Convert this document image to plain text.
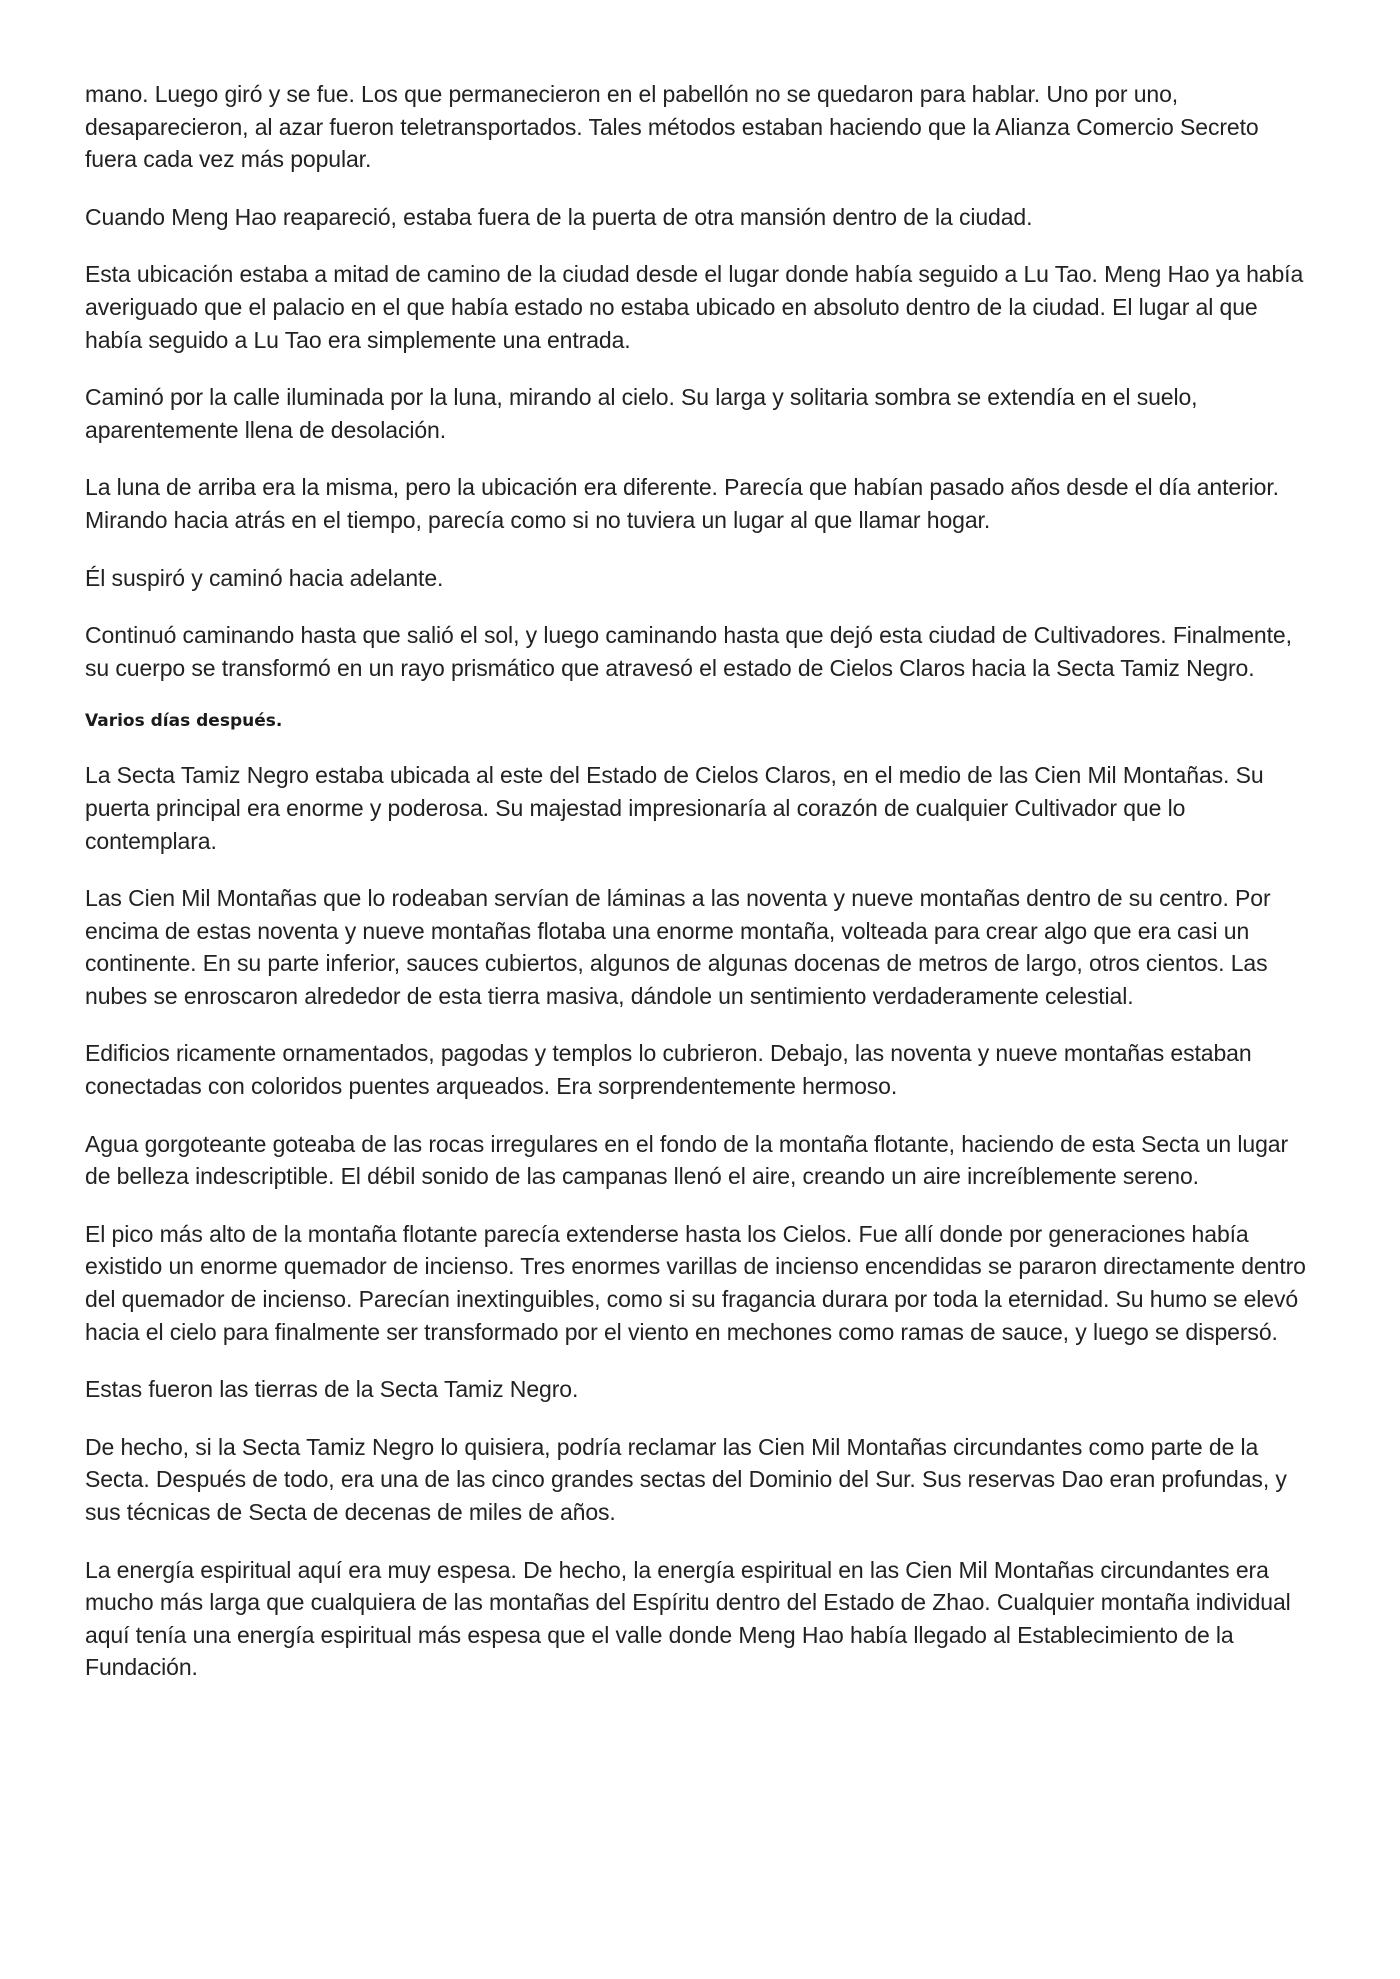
mano. Luego giró y se fue. Los que permanecieron en el pabellón no se quedaron para hablar. Uno por uno, desaparecieron, al azar fueron teletransportados. Tales métodos estaban haciendo que la Alianza Comercio Secreto fuera cada vez más popular.

Cuando Meng Hao reapareció, estaba fuera de la puerta de otra mansión dentro de la ciudad.

Esta ubicación estaba a mitad de camino de la ciudad desde el lugar donde había seguido a Lu Tao. Meng Hao ya había averiguado que el palacio en el que había estado no estaba ubicado en absoluto dentro de la ciudad. El lugar al que había seguido a Lu Tao era simplemente una entrada.

Caminó por la calle iluminada por la luna, mirando al cielo. Su larga y solitaria sombra se extendía en el suelo, aparentemente llena de desolación.

La luna de arriba era la misma, pero la ubicación era diferente. Parecía que habían pasado años desde el día anterior. Mirando hacia atrás en el tiempo, parecía como si no tuviera un lugar al que llamar hogar.

Él suspiró y caminó hacia adelante.

Continuó caminando hasta que salió el sol, y luego caminando hasta que dejó esta ciudad de Cultivadores. Finalmente, su cuerpo se transformó en un rayo prismático que atravesó el estado de Cielos Claros hacia la Secta Tamiz Negro.

Varios días después.

La Secta Tamiz Negro estaba ubicada al este del Estado de Cielos Claros, en el medio de las Cien Mil Montañas. Su puerta principal era enorme y poderosa. Su majestad impresionaría al corazón de cualquier Cultivador que lo contemplara.

Las Cien Mil Montañas que lo rodeaban servían de láminas a las noventa y nueve montañas dentro de su centro. Por encima de estas noventa y nueve montañas flotaba una enorme montaña, volteada para crear algo que era casi un continente. En su parte inferior, sauces cubiertos, algunos de algunas docenas de metros de largo, otros cientos. Las nubes se enroscaron alrededor de esta tierra masiva, dándole un sentimiento verdaderamente celestial.

Edificios ricamente ornamentados, pagodas y templos lo cubrieron. Debajo, las noventa y nueve montañas estaban conectadas con coloridos puentes arqueados. Era sorprendentemente hermoso.

Agua gorgoteante goteaba de las rocas irregulares en el fondo de la montaña flotante, haciendo de esta Secta un lugar de belleza indescriptible. El débil sonido de las campanas llenó el aire, creando un aire increíblemente sereno.

El pico más alto de la montaña flotante parecía extenderse hasta los Cielos. Fue allí donde por generaciones había existido un enorme quemador de incienso. Tres enormes varillas de incienso encendidas se pararon directamente dentro del quemador de incienso. Parecían inextinguibles, como si su fragancia durara por toda la eternidad. Su humo se elevó hacia el cielo para finalmente ser transformado por el viento en mechones como ramas de sauce, y luego se dispersó.

Estas fueron las tierras de la Secta Tamiz Negro.

De hecho, si la Secta Tamiz Negro lo quisiera, podría reclamar las Cien Mil Montañas circundantes como parte de la Secta. Después de todo, era una de las cinco grandes sectas del Dominio del Sur. Sus reservas Dao eran profundas, y sus técnicas de Secta de decenas de miles de años.

La energía espiritual aquí era muy espesa. De hecho, la energía espiritual en las Cien Mil Montañas circundantes era mucho más larga que cualquiera de las montañas del Espíritu dentro del Estado de Zhao. Cualquier montaña individual aquí tenía una energía espiritual más espesa que el valle donde Meng Hao había llegado al Establecimiento de la Fundación.
